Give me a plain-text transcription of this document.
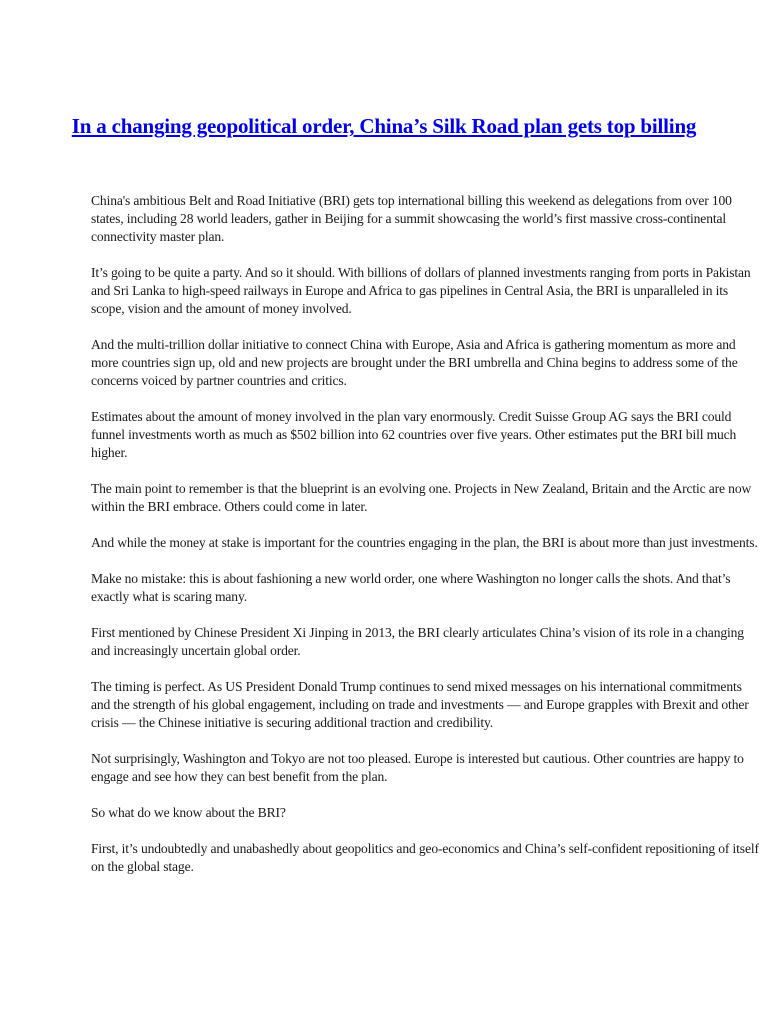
In a changing geopolitical order, China’s Silk Road plan gets top billing

China's ambitious Belt and Road Initiative (BRI) gets top international billing this weekend as delegations from over 100 states, including 28 world leaders, gather in Beijing for a summit showcasing the world’s first massive cross-continental connectivity master plan.

It’s going to be quite a party. And so it should. With billions of dollars of planned investments ranging from ports in Pakistan and Sri Lanka to high-speed railways in Europe and Africa to gas pipelines in Central Asia, the BRI is unparalleled in its scope, vision and the amount of money involved.

And the multi-trillion dollar initiative to connect China with Europe, Asia and Africa is gathering momentum as more and more countries sign up, old and new projects are brought under the BRI umbrella and China begins to address some of the concerns voiced by partner countries and critics.

Estimates about the amount of money involved in the plan vary enormously. Credit Suisse Group AG says the BRI could funnel investments worth as much as $502 billion into 62 countries over five years. Other estimates put the BRI bill much higher.

The main point to remember is that the blueprint is an evolving one. Projects in New Zealand, Britain and the Arctic are now within the BRI embrace. Others could come in later.

And while the money at stake is important for the countries engaging in the plan, the BRI is about more than just investments.

Make no mistake: this is about fashioning a new world order, one where Washington no longer calls the shots. And that’s exactly what is scaring many.

First mentioned by Chinese President Xi Jinping in 2013, the BRI clearly articulates China’s vision of its role in a changing and increasingly uncertain global order.

The timing is perfect. As US President Donald Trump continues to send mixed messages on his international commitments and the strength of his global engagement, including on trade and investments — and Europe grapples with Brexit and other crisis — the Chinese initiative is securing additional traction and credibility.

Not surprisingly, Washington and Tokyo are not too pleased. Europe is interested but cautious. Other countries are happy to engage and see how they can best benefit from the plan.

So what do we know about the BRI?

First, it’s undoubtedly and unabashedly about geopolitics and geo-economics and China’s self-confident repositioning of itself on the global stage.
